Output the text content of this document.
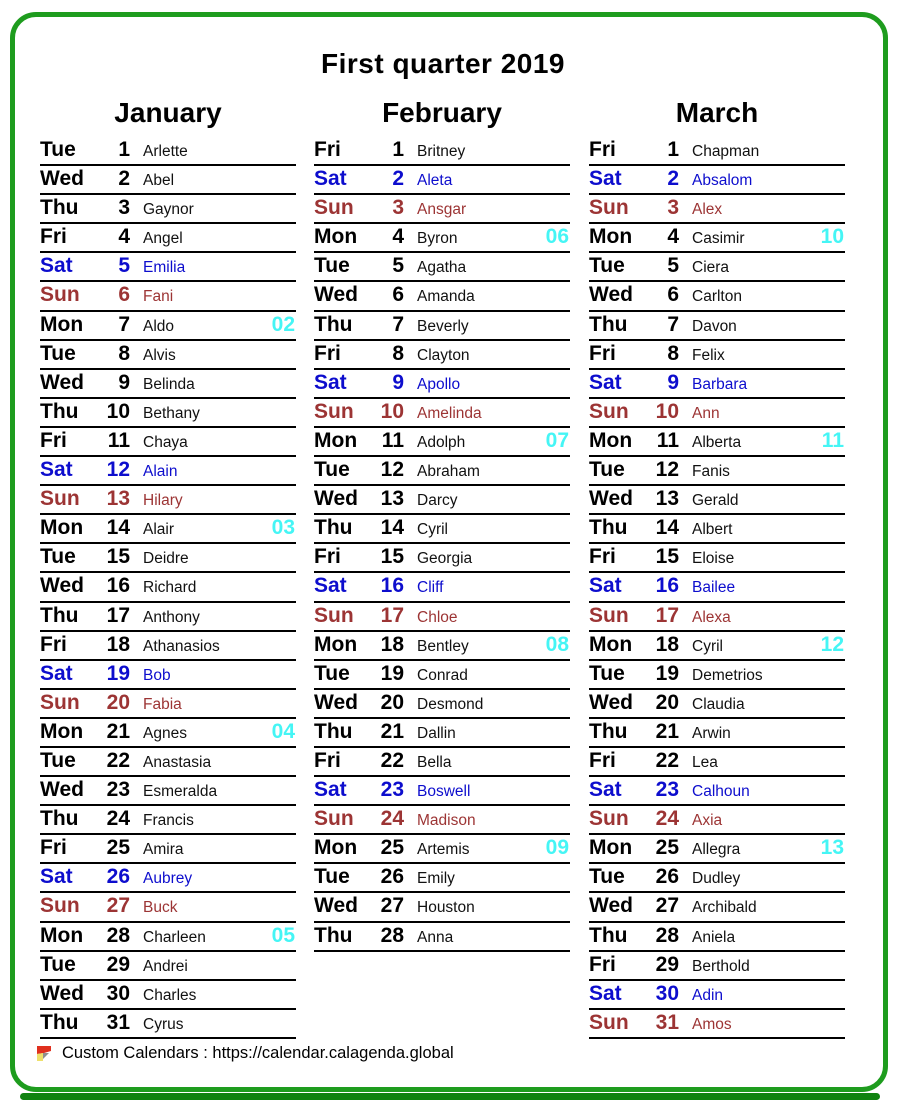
First quarter 2019
January
Tue	1 Arlette
Wed	2 Abel
Thu	3 Gaynor
Fri	4 Angel
Sat	5 Emilia
Sun	6 Fani
Mon	7 Aldo	02
Tue	8 Alvis
Wed	9 Belinda
Thu	10 Bethany
Fri	11 Chaya
Sat	12 Alain
Sun	13 Hilary
Mon	14 Alair	03
Tue	15 Deidre
Wed	16 Richard
Thu	17 Anthony
Fri	18 Athanasios
Sat	19 Bob
Sun	20 Fabia
Mon	21 Agnes	04
Tue	22 Anastasia
Wed	23 Esmeralda
Thu	24 Francis
Fri	25 Amira
Sat	26 Aubrey
Sun	27 Buck
Mon	28 Charleen	05
Tue	29 Andrei
Wed	30 Charles
Thu	31 Cyrus
February
Fri	1 Britney
Sat	2 Aleta
Sun	3 Ansgar
Mon	4 Byron	06
Tue	5 Agatha
Wed	6 Amanda
Thu	7 Beverly
Fri	8 Clayton
Sat	9 Apollo
Sun	10 Amelinda
Mon	11 Adolph	07
Tue	12 Abraham
Wed	13 Darcy
Thu	14 Cyril
Fri	15 Georgia
Sat	16 Cliff
Sun	17 Chloe
Mon	18 Bentley	08
Tue	19 Conrad
Wed	20 Desmond
Thu	21 Dallin
Fri	22 Bella
Sat	23 Boswell
Sun	24 Madison
Mon	25 Artemis	09
Tue	26 Emily
Wed	27 Houston
Thu	28 Anna
March
Fri	1 Chapman
Sat	2 Absalom
Sun	3 Alex
Mon	4 Casimir	10
Tue	5 Ciera
Wed	6 Carlton
Thu	7 Davon
Fri	8 Felix
Sat	9 Barbara
Sun	10 Ann
Mon	11 Alberta	11
Tue	12 Fanis
Wed	13 Gerald
Thu	14 Albert
Fri	15 Eloise
Sat	16 Bailee
Sun	17 Alexa
Mon	18 Cyril	12
Tue	19 Demetrios
Wed	20 Claudia
Thu	21 Arwin
Fri	22 Lea
Sat	23 Calhoun
Sun	24 Axia
Mon	25 Allegra	13
Tue	26 Dudley
Wed	27 Archibald
Thu	28 Aniela
Fri	29 Berthold
Sat	30 Adin
Sun	31 Amos
Custom Calendars : https://calendar.calagenda.global
